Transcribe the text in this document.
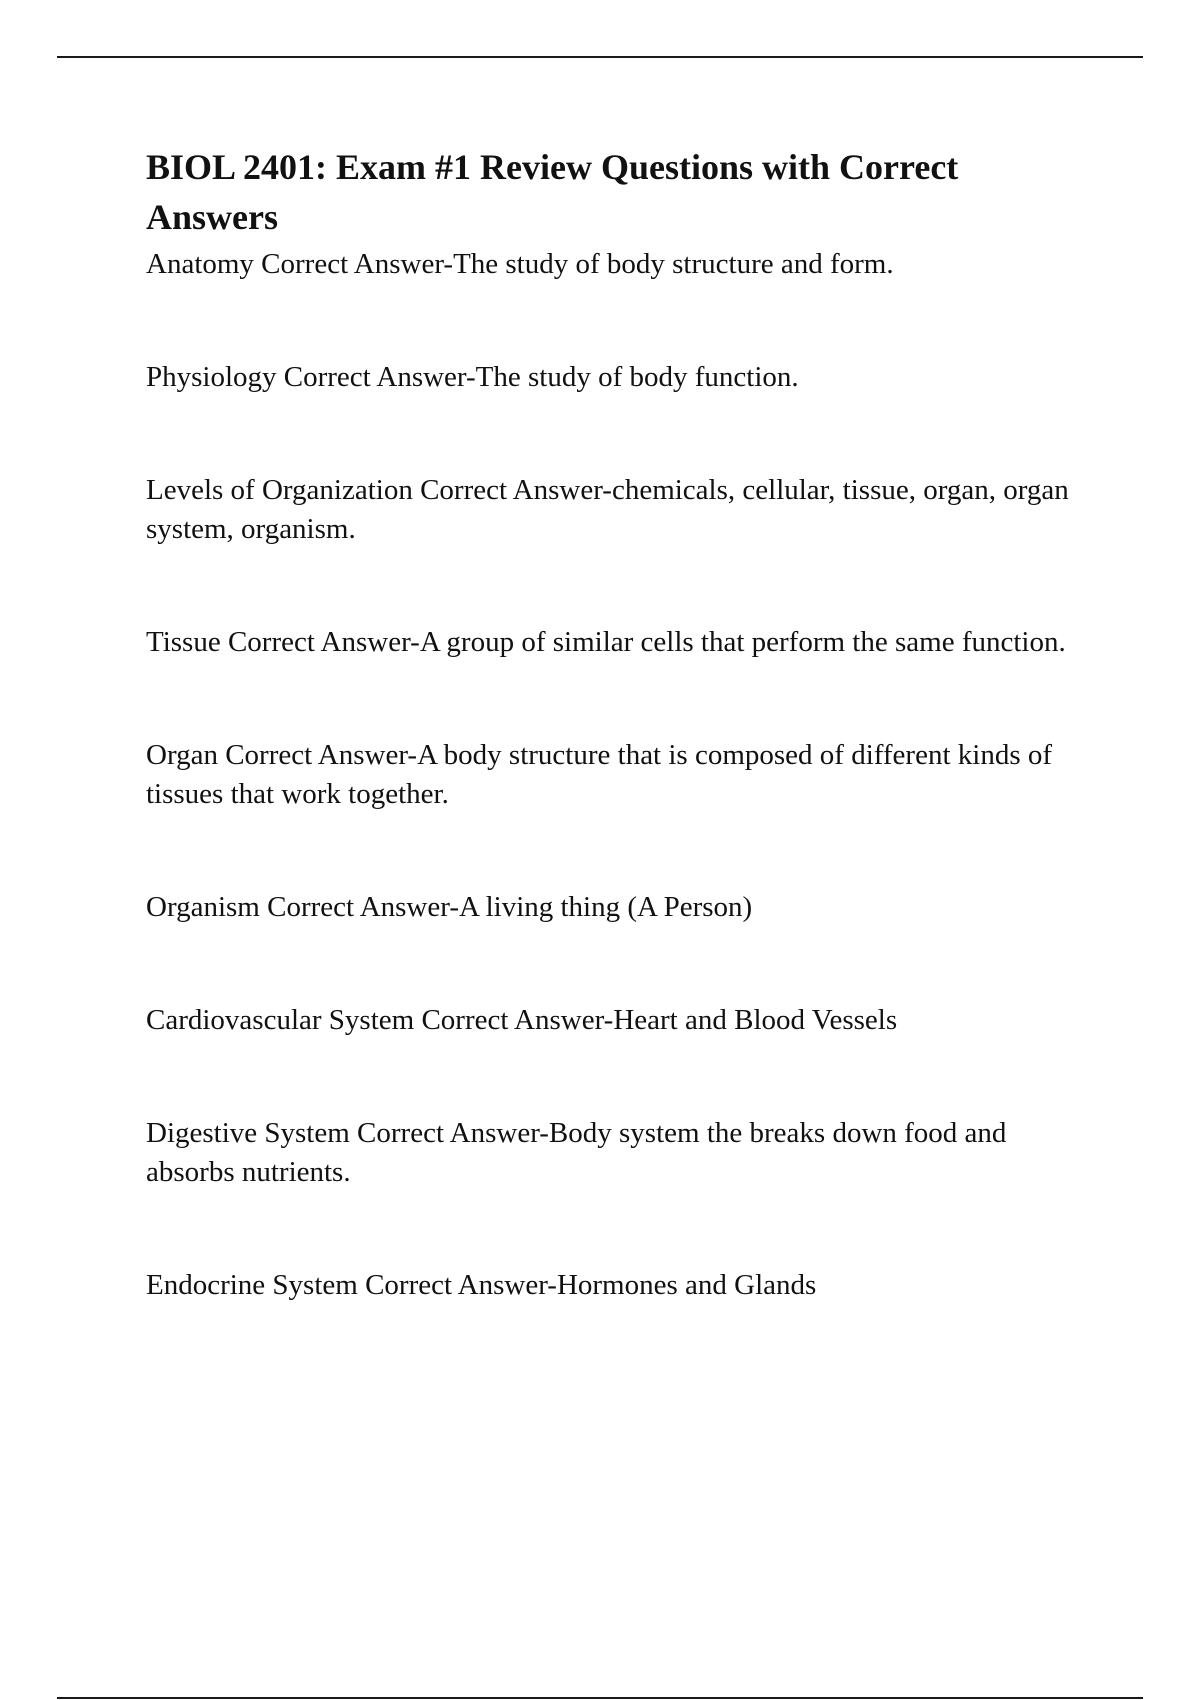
BIOL 2401: Exam #1 Review Questions with Correct Answers
Anatomy Correct Answer-The study of body structure and form.
Physiology Correct Answer-The study of body function.
Levels of Organization Correct Answer-chemicals, cellular, tissue, organ, organ system, organism.
Tissue Correct Answer-A group of similar cells that perform the same function.
Organ Correct Answer-A body structure that is composed of different kinds of tissues that work together.
Organism Correct Answer-A living thing (A Person)
Cardiovascular System Correct Answer-Heart and Blood Vessels
Digestive System Correct Answer-Body system the breaks down food and absorbs nutrients.
Endocrine System Correct Answer-Hormones and Glands
